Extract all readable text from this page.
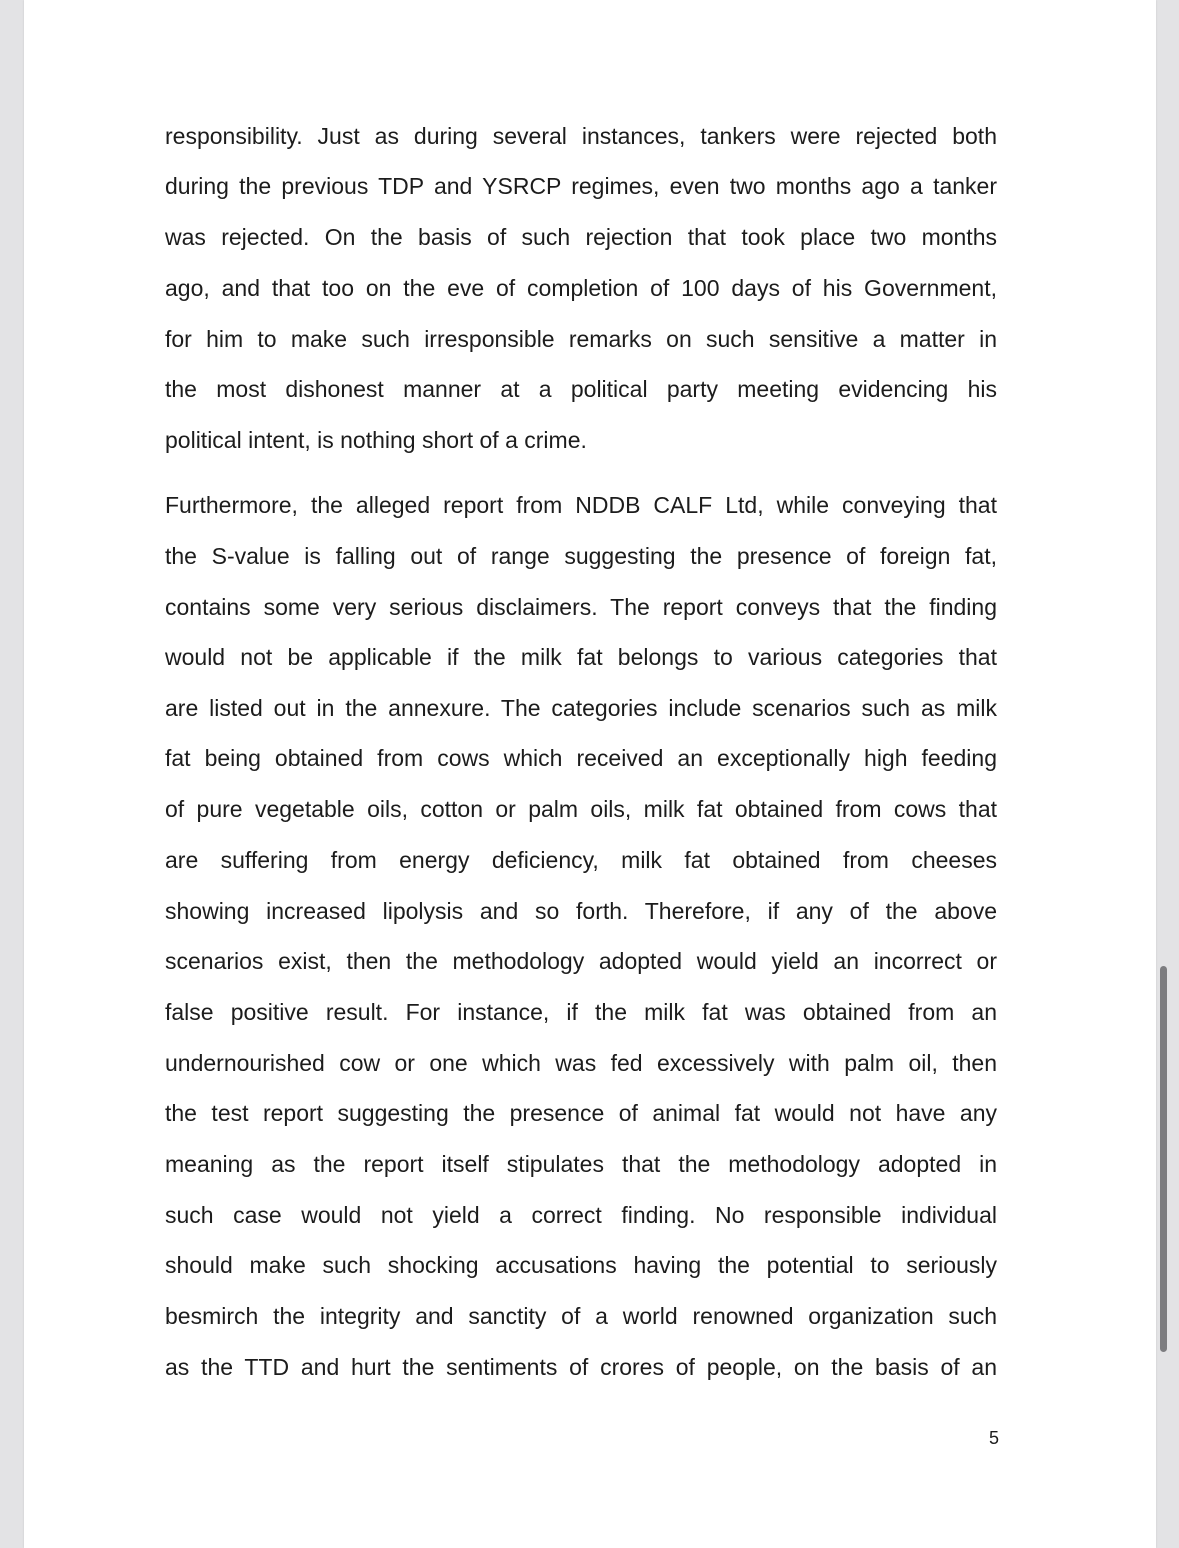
responsibility. Just as during several instances, tankers were rejected both
during the previous TDP and YSRCP regimes, even two months ago a tanker
was rejected. On the basis of such rejection that took place two months
ago, and that too on the eve of completion of 100 days of his Government,
for him to make such irresponsible remarks on such sensitive a matter in
the most dishonest manner at a political party meeting evidencing his
political intent, is nothing short of a crime.
Furthermore, the alleged report from NDDB CALF Ltd, while conveying that
the S-value is falling out of range suggesting the presence of foreign fat,
contains some very serious disclaimers. The report conveys that the finding
would not be applicable if the milk fat belongs to various categories that
are listed out in the annexure. The categories include scenarios such as milk
fat being obtained from cows which received an exceptionally high feeding
of pure vegetable oils, cotton or palm oils, milk fat obtained from cows that
are suffering from energy deficiency, milk fat obtained from cheeses
showing increased lipolysis and so forth. Therefore, if any of the above
scenarios exist, then the methodology adopted would yield an incorrect or
false positive result. For instance, if the milk fat was obtained from an
undernourished cow or one which was fed excessively with palm oil, then
the test report suggesting the presence of animal fat would not have any
meaning as the report itself stipulates that the methodology adopted in
such case would not yield a correct finding. No responsible individual
should make such shocking accusations having the potential to seriously
besmirch the integrity and sanctity of a world renowned organization such
as the TTD and hurt the sentiments of crores of people, on the basis of an
5
